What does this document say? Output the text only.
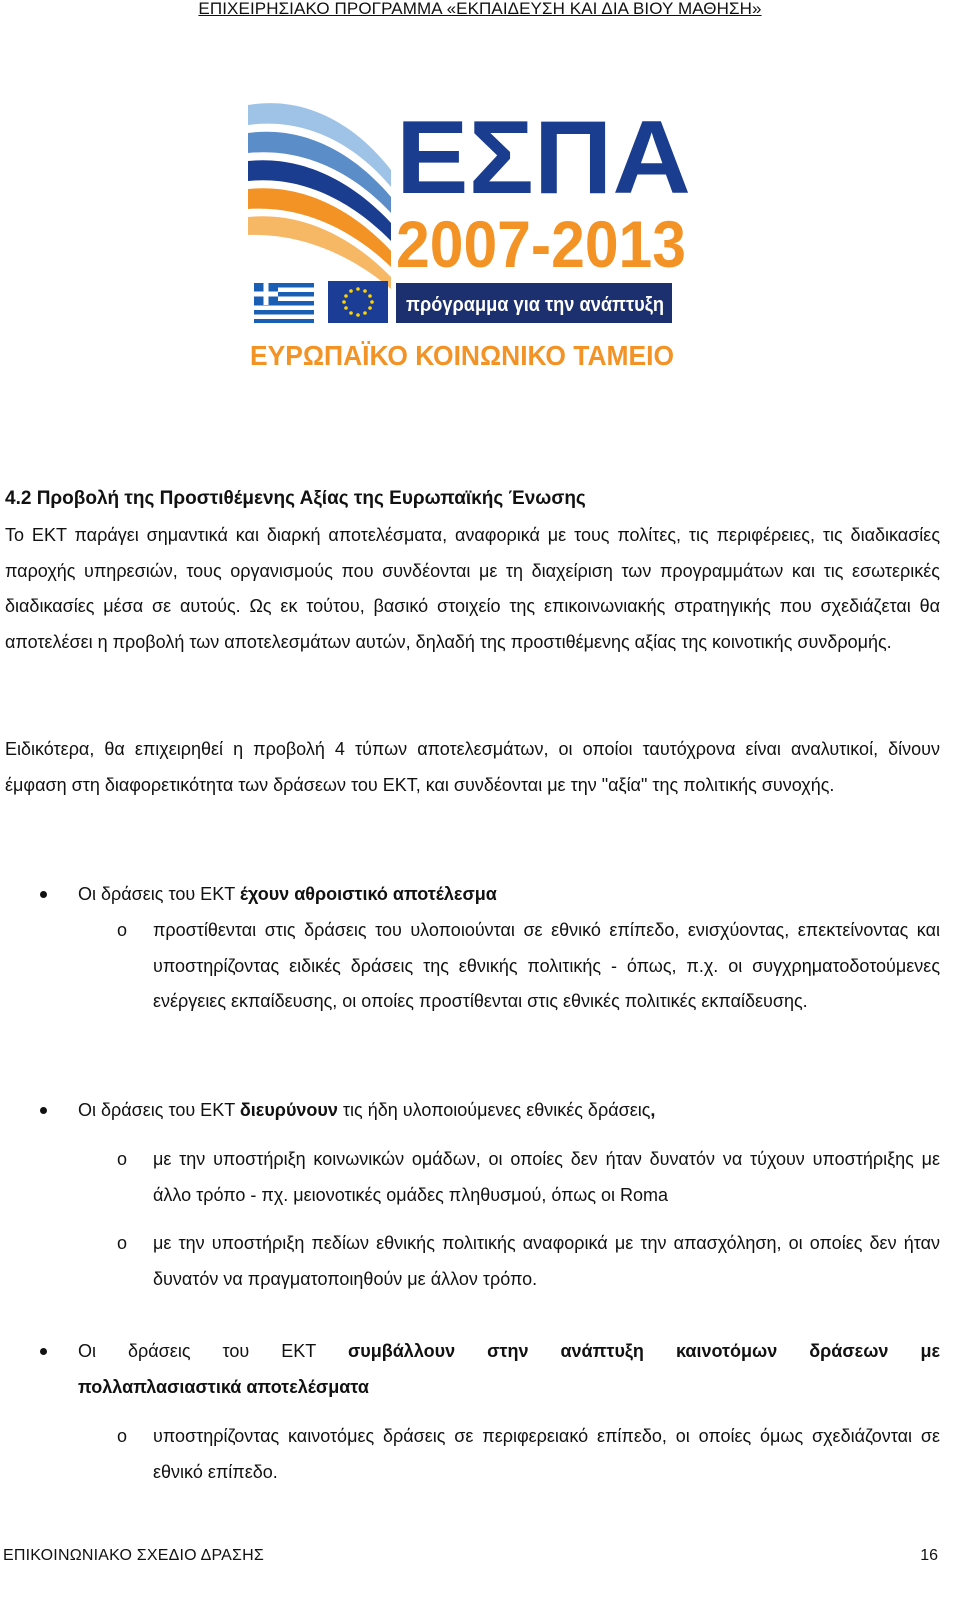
ΕΠΙΧΕΙΡΗΣΙΑΚΟ ΠΡΟΓΡΑΜΜΑ «ΕΚΠΑΙΔΕΥΣΗ ΚΑΙ ΔΙΑ ΒΙΟΥ ΜΑΘΗΣΗ»
ΕΣΠΑ
2007-2013
πρόγραμμα για την ανάπτυξη
ΕΥΡΩΠΑΪΚΟ ΚΟΙΝΩΝΙΚΟ ΤΑΜΕΙΟ
4.2 Προβολή της Προστιθέμενης Αξίας της Ευρωπαϊκής Ένωσης
Το ΕΚΤ παράγει σημαντικά και διαρκή αποτελέσματα, αναφορικά με τους πολίτες, τις περιφέρειες, τις διαδικασίες παροχής υπηρεσιών, τους οργανισμούς που συνδέονται με τη διαχείριση των προγραμμάτων και τις εσωτερικές διαδικασίες μέσα σε αυτούς. Ως εκ τούτου, βασικό στοιχείο της επικοινωνιακής στρατηγικής που σχεδιάζεται θα αποτελέσει η προβολή των αποτελεσμάτων αυτών, δηλαδή της προστιθέμενης αξίας της κοινοτικής συνδρομής.
Ειδικότερα, θα επιχειρηθεί η προβολή 4 τύπων αποτελεσμάτων, οι οποίοι ταυτόχρονα είναι αναλυτικοί, δίνουν έμφαση στη διαφορετικότητα των δράσεων του ΕΚΤ, και συνδέονται με την "αξία" της πολιτικής συνοχής.
Οι δράσεις του ΕΚΤ έχουν αθροιστικό αποτέλεσμα
o προστίθενται στις δράσεις του υλοποιούνται σε εθνικό επίπεδο, ενισχύοντας, επεκτείνοντας και υποστηρίζοντας ειδικές δράσεις της εθνικής πολιτικής - όπως, π.χ. οι συγχρηματοδοτούμενες ενέργειες εκπαίδευσης, οι οποίες προστίθενται στις εθνικές πολιτικές εκπαίδευσης.
Οι δράσεις του ΕΚΤ διευρύνουν τις ήδη υλοποιούμενες εθνικές δράσεις,
o με την υποστήριξη κοινωνικών ομάδων, οι οποίες δεν ήταν δυνατόν να τύχουν υποστήριξης με άλλο τρόπο - πχ. μειονοτικές ομάδες πληθυσμού, όπως οι Roma
o με την υποστήριξη πεδίων εθνικής πολιτικής αναφορικά με την απασχόληση, οι οποίες δεν ήταν δυνατόν να πραγματοποιηθούν με άλλον τρόπο.
Οι δράσεις του ΕΚΤ συμβάλλουν στην ανάπτυξη καινοτόμων δράσεων με
πολλαπλασιαστικά αποτελέσματα
o υποστηρίζοντας καινοτόμες δράσεις σε περιφερειακό επίπεδο, οι οποίες όμως σχεδιάζονται σε εθνικό επίπεδο.
ΕΠΙΚΟΙΝΩΝΙΑΚΟ ΣΧΕΔΙΟ ΔΡΑΣΗΣ	16
